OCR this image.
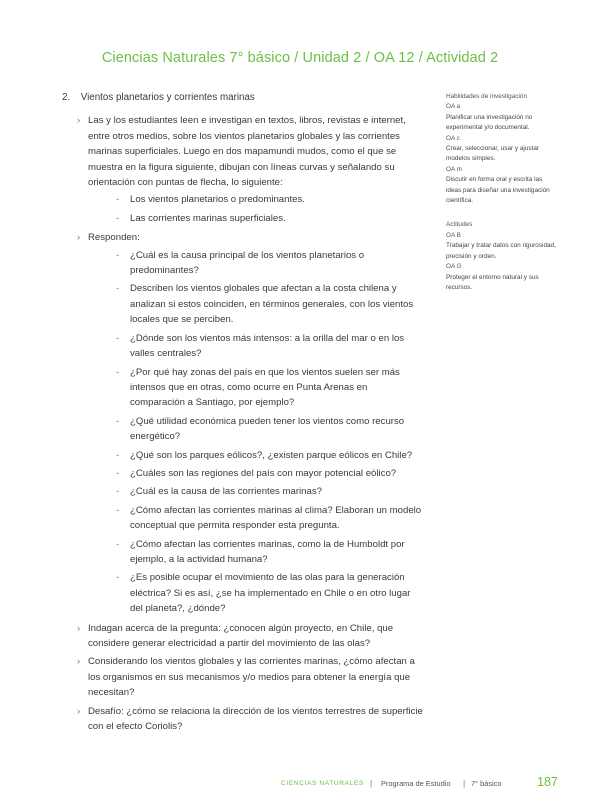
Ciencias Naturales 7° básico / Unidad 2 / OA 12 / Actividad 2
2. Vientos planetarios y corrientes marinas
› Las y los estudiantes leen e investigan en textos, libros, revistas e internet, entre otros medios, sobre los vientos planetarios globales y las corrientes marinas superficiales. Luego en dos mapamundi mudos, como el que se muestra en la figura siguiente, dibujan con líneas curvas y señalando su orientación con puntas de flecha, lo siguiente:
- Los vientos planetarios o predominantes.
- Las corrientes marinas superficiales.
› Responden:
- ¿Cuál es la causa principal de los vientos planetarios o predominantes?
- Describen los vientos globales que afectan a la costa chilena y analizan si estos coinciden, en términos generales, con los vientos locales que se perciben.
- ¿Dónde son los vientos más intensos: a la orilla del mar o en los valles centrales?
- ¿Por qué hay zonas del país en que los vientos suelen ser más intensos que en otras, como ocurre en Punta Arenas en comparación a Santiago, por ejemplo?
- ¿Qué utilidad económica pueden tener los vientos como recurso energético?
- ¿Qué son los parques eólicos?, ¿existen parque eólicos en Chile?
- ¿Cuáles son las regiones del país con mayor potencial eólico?
- ¿Cuál es la causa de las corrientes marinas?
- ¿Cómo afectan las corrientes marinas al clima? Elaboran un modelo conceptual que permita responder esta pregunta.
- ¿Cómo afectan las corrientes marinas, como la de Humboldt por ejemplo, a la actividad humana?
- ¿Es posible ocupar el movimiento de las olas para la generación eléctrica? Si es así, ¿se ha implementado en Chile o en otro lugar del planeta?, ¿dónde?
› Indagan acerca de la pregunta: ¿conocen algún proyecto, en Chile, que considere generar electricidad a partir del movimiento de las olas?
› Considerando los vientos globales y las corrientes marinas, ¿cómo afectan a los organismos en sus mecanismos y/o medios para obtener la energía que necesitan?
› Desafío: ¿cómo se relaciona la dirección de los vientos terrestres de superficie con el efecto Coriolis?
Habilidades de investigación
OA a
Planificar una investigación no experimental y/o documental.
OA c
Crear, seleccionar, usar y ajustar modelos simples.
OA m
Discutir en forma oral y escrita las ideas para diseñar una investigación científica.
Actitudes
OA B
Trabajar y tratar datos con rigurosidad, precisión y orden.
OA G
Proteger el entorno natural y sus recursos.
CIENCIAS NATURALES | Programa de Estudio | 7° básico	187
